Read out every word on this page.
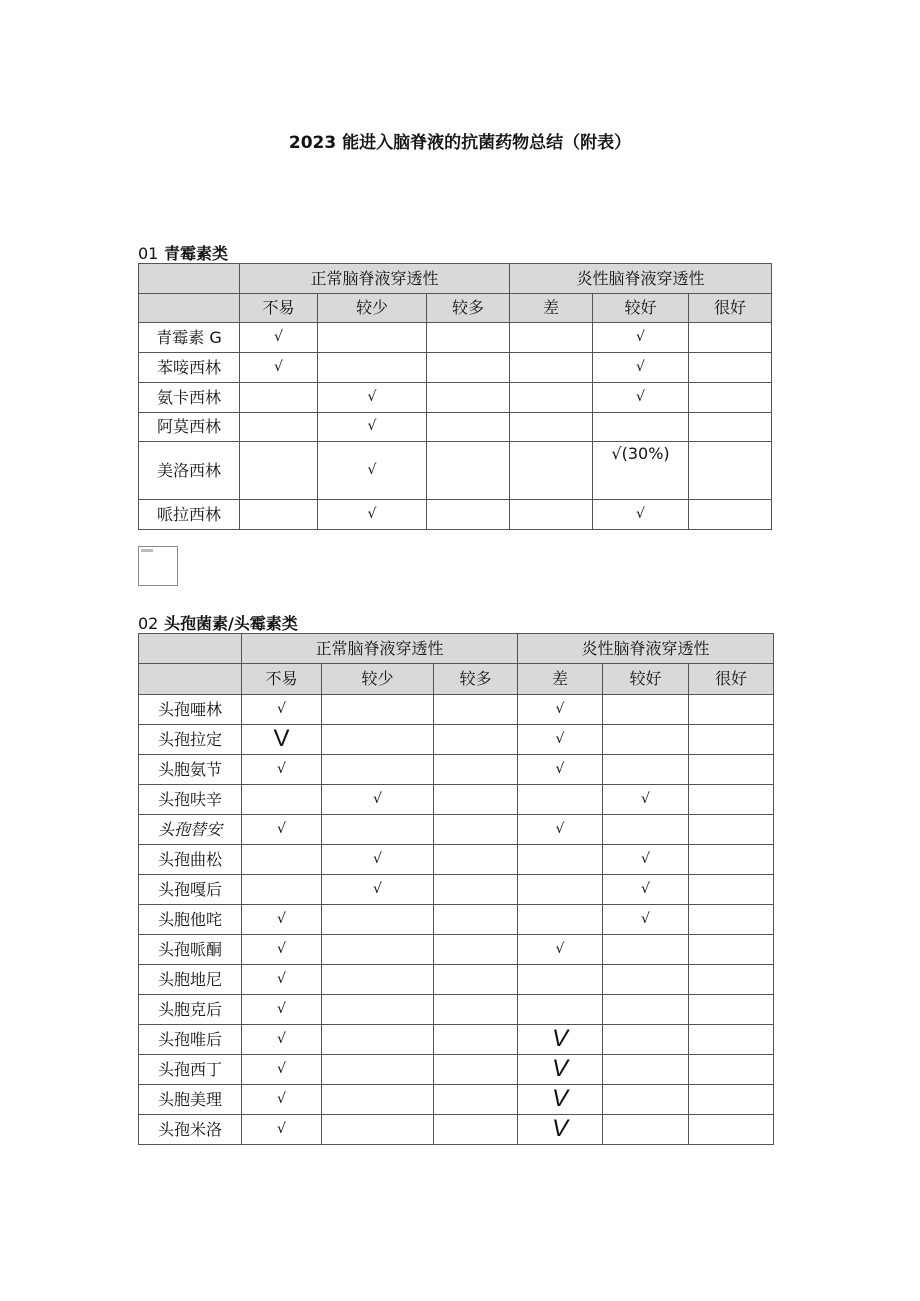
2023 能进入脑脊液的抗菌药物总结（附表）
01 青霉素类
	正常脑脊液穿透性			炎性脑脊液穿透性		
	不易	较少	较多	差	较好	很好
青霉素 G	√				√	
苯唼西林	√				√	
氨卡西林		√			√	
阿莫西林		√				
美洛西林		√			√(30%)	
哌拉西林		√			√	
02 头孢菌素/头霉素类
	正常脑脊液穿透性			炎性脑脊液穿透性		
	不易	较少	较多	差	较好	很好
头孢唖林	√			√		
头孢拉定	V			√		
头胞氨节	√			√		
头孢呋辛		√			√	
头孢替安	√			√		
头孢曲松		√			√	
头孢嘎后		√			√	
头胞他咤	√				√	
头孢哌酮	√			√		
头胞地尼	√					
头胞克后	√					
头孢唯后	√			V		
头孢西丁	√			V		
头胞美理	√			V		
头孢米洛	√			V		
